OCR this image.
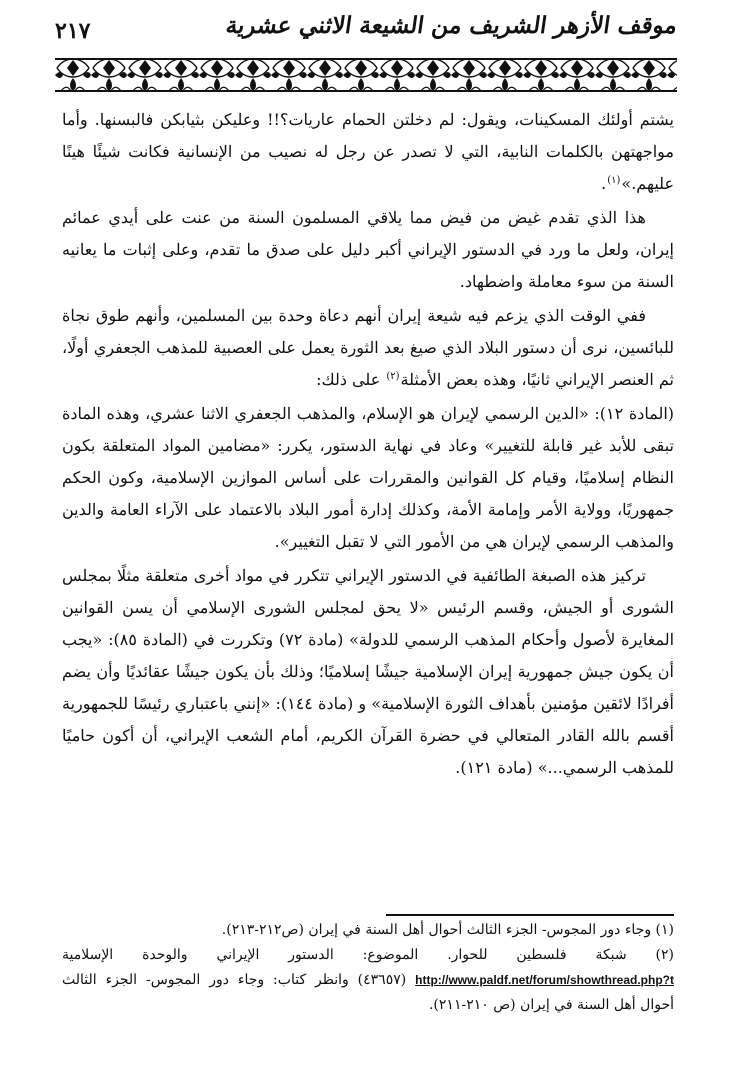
٢١٧	موقف الأزهر الشريف من الشيعة الاثني عشرية

يشتم أولئك المسكينات، ويقول: لم دخلتن الحمام عاريات؟!! وعليكن بثيابكن فالبسنها. وأما مواجهتهن بالكلمات النابية، التي لا تصدر عن رجل له نصيب من الإنسانية فكانت شيئًا هينًا عليهم.»$^{(١)}$.

هذا الذي تقدم غيض من فيض مما يلاقي المسلمون السنة من عنت على أيدي عمائم إيران، ولعل ما ورد في الدستور الإيراني أكبر دليل على صدق ما تقدم، وعلى إثبات ما يعانيه السنة من سوء معاملة واضطهاد.

ففي الوقت الذي يزعم فيه شيعة إيران أنهم دعاة وحدة بين المسلمين، وأنهم طوق نجاة للبائسين، نرى أن دستور البلاد الذي صيغ بعد الثورة يعمل على العصبية للمذهب الجعفري أولًا، ثم العنصر الإيراني ثانيًا، وهذه بعض الأمثلة$^{(٢)}$ على ذلك:

(المادة ١٢): «الدين الرسمي لإيران هو الإسلام، والمذهب الجعفري الاثنا عشري، وهذه المادة تبقى للأبد غير قابلة للتغيير» وعاد في نهاية الدستور، يكرر: «مضامين المواد المتعلقة بكون النظام إسلاميًا، وقيام كل القوانين والمقررات على أساس الموازين الإسلامية، وكون الحكم جمهوريًا، وولاية الأمر وإمامة الأمة، وكذلك إدارة أمور البلاد بالاعتماد على الآراء العامة والدين والمذهب الرسمي لإيران هي من الأمور التي لا تقبل التغيير».

تركيز هذه الصبغة الطائفية في الدستور الإيراني تتكرر في مواد أخرى متعلقة مثلًا بمجلس الشورى أو الجيش، وقسم الرئيس «لا يحق لمجلس الشورى الإسلامي أن يسن القوانين المغايرة لأصول وأحكام المذهب الرسمي للدولة» (مادة ٧٢) وتكررت في (المادة ٨٥): «يجب أن يكون جيش جمهورية إيران الإسلامية جيشًا إسلاميًا؛ وذلك بأن يكون جيشًا عقائديًا وأن يضم أفرادًا لائقين مؤمنين بأهداف الثورة الإسلامية» و (مادة ١٤٤): «إنني باعتباري رئيسًا للجمهورية أقسم بالله القادر المتعالي في حضرة القرآن الكريم، أمام الشعب الإيراني، أن أكون حاميًا للمذهب الرسمي...» (مادة ١٢١).

(١) وجاء دور المجوس- الجزء الثالث أحوال أهل السنة في إيران (ص٢١٢-٢١٣).

(٢) شبكة فلسطين للحوار. الموضوع: الدستور الإيراني والوحدة الإسلامية http://www.paldf.net/forum/showthread.php?t (٤٣٦٥٧) وانظر كتاب: وجاء دور المجوس- الجزء الثالث أحوال أهل السنة في إيران (ص ٢١٠-٢١١).
